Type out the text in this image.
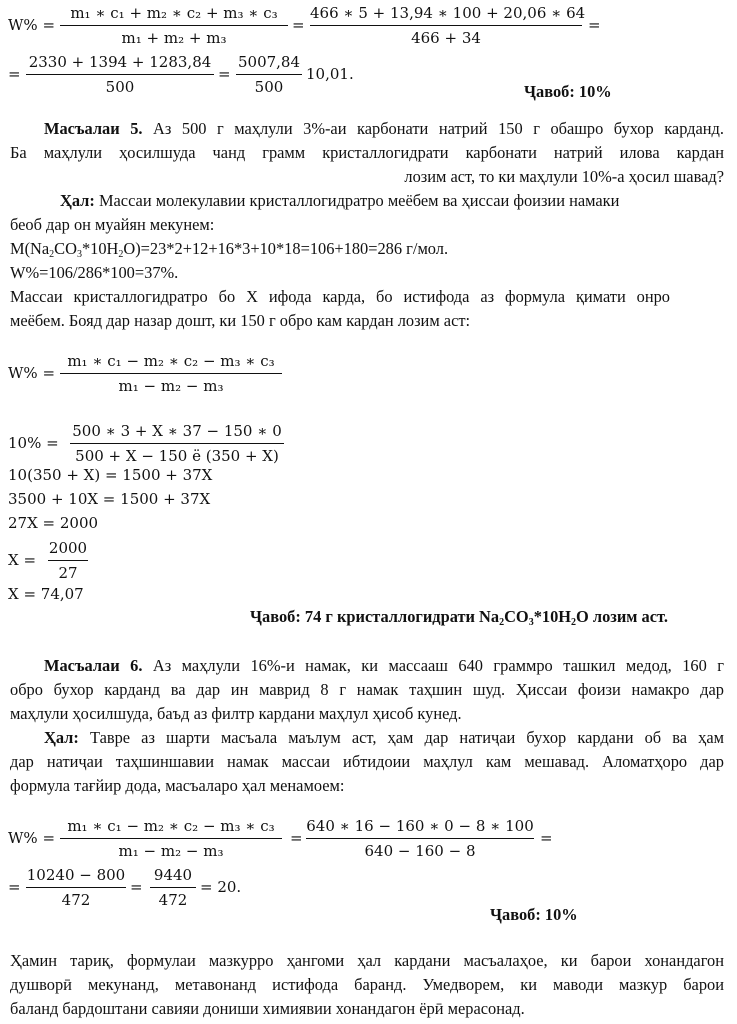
W% =
m₁ ∗ c₁ + m₂ ∗ c₂ + m₃ ∗ c₃
m₁ + m₂ + m₃
=
466 ∗ 5 + 13,94 ∗ 100 + 20,06 ∗ 64
466 + 34
=
=
2330 + 1394 + 1283,84
500
=
5007,84
500
10,01.
Ҷавоб: 10%
Масъалаи 5. Аз 500 г маҳлули 3%-аи карбонати натрий 150 г обашро бухор карданд.
Ба маҳлули ҳосилшуда чанд грамм кристаллогидрати карбонати натрий илова кардан
лозим аст, то ки маҳлули 10%-а ҳосил шавад?
Ҳал: Массаи молекулавии кристаллогидратро меёбем ва ҳиссаи фоизии намаки
беоб дар он муайян мекунем:
$M(Na_2CO_3*10H_2O)=23*2+12+16*3+10*18=106+180=286$ г/мол.
W%=106/286*100=37%.
Массаи кристаллогидратро бо X ифода карда, бо истифода аз формула қимати онро
меёбем. Бояд дар назар дошт, ки 150 г обро кам кардан лозим аст:
W% =
m₁ ∗ c₁ − m₂ ∗ c₂ − m₃ ∗ c₃
m₁ − m₂ − m₃
10% =
500 ∗ 3 + X ∗ 37 − 150 ∗ 0
500 + X − 150 ё (350 + X)
10(350 + X) = 1500 + 37X
3500 + 10X = 1500 + 37X
27X = 2000
X =
2000
27
X = 74,07
Ҷавоб: 74 г кристаллогидрати $Na_2CO_3*10H_2O$ лозим аст.
Масъалаи 6. Аз маҳлули 16%-и намак, ки массааш 640 граммро ташкил медод, 160 г
обро бухор карданд ва дар ин маврид 8 г намак таҳшин шуд. Ҳиссаи фоизи намакро дар
маҳлули ҳосилшуда, баъд аз филтр кардани маҳлул ҳисоб кунед.
Ҳал: Тавре аз шарти масъала маълум аст, ҳам дар натиҷаи бухор кардани об ва ҳам
дар натиҷаи таҳшиншавии намак массаи ибтидоии маҳлул кам мешавад. Аломатҳоро дар
формула тағйир дода, масъаларо ҳал менамоем:
W% =
m₁ ∗ c₁ − m₂ ∗ c₂ − m₃ ∗ c₃
m₁ − m₂ − m₃
=
640 ∗ 16 − 160 ∗ 0 − 8 ∗ 100
640 − 160 − 8
=
=
10240 − 800
472
=
9440
472
= 20.
Ҷавоб: 10%
Ҳамин тариқ, формулаи мазкурро ҳангоми ҳал кардани масъалаҳое, ки барои хонандагон
душворӣ мекунанд, метавонанд истифода баранд. Умедворем, ки маводи мазкур барои
баланд бардоштани савияи дониши химиявии хонандагон ёрӣ мерасонад.
